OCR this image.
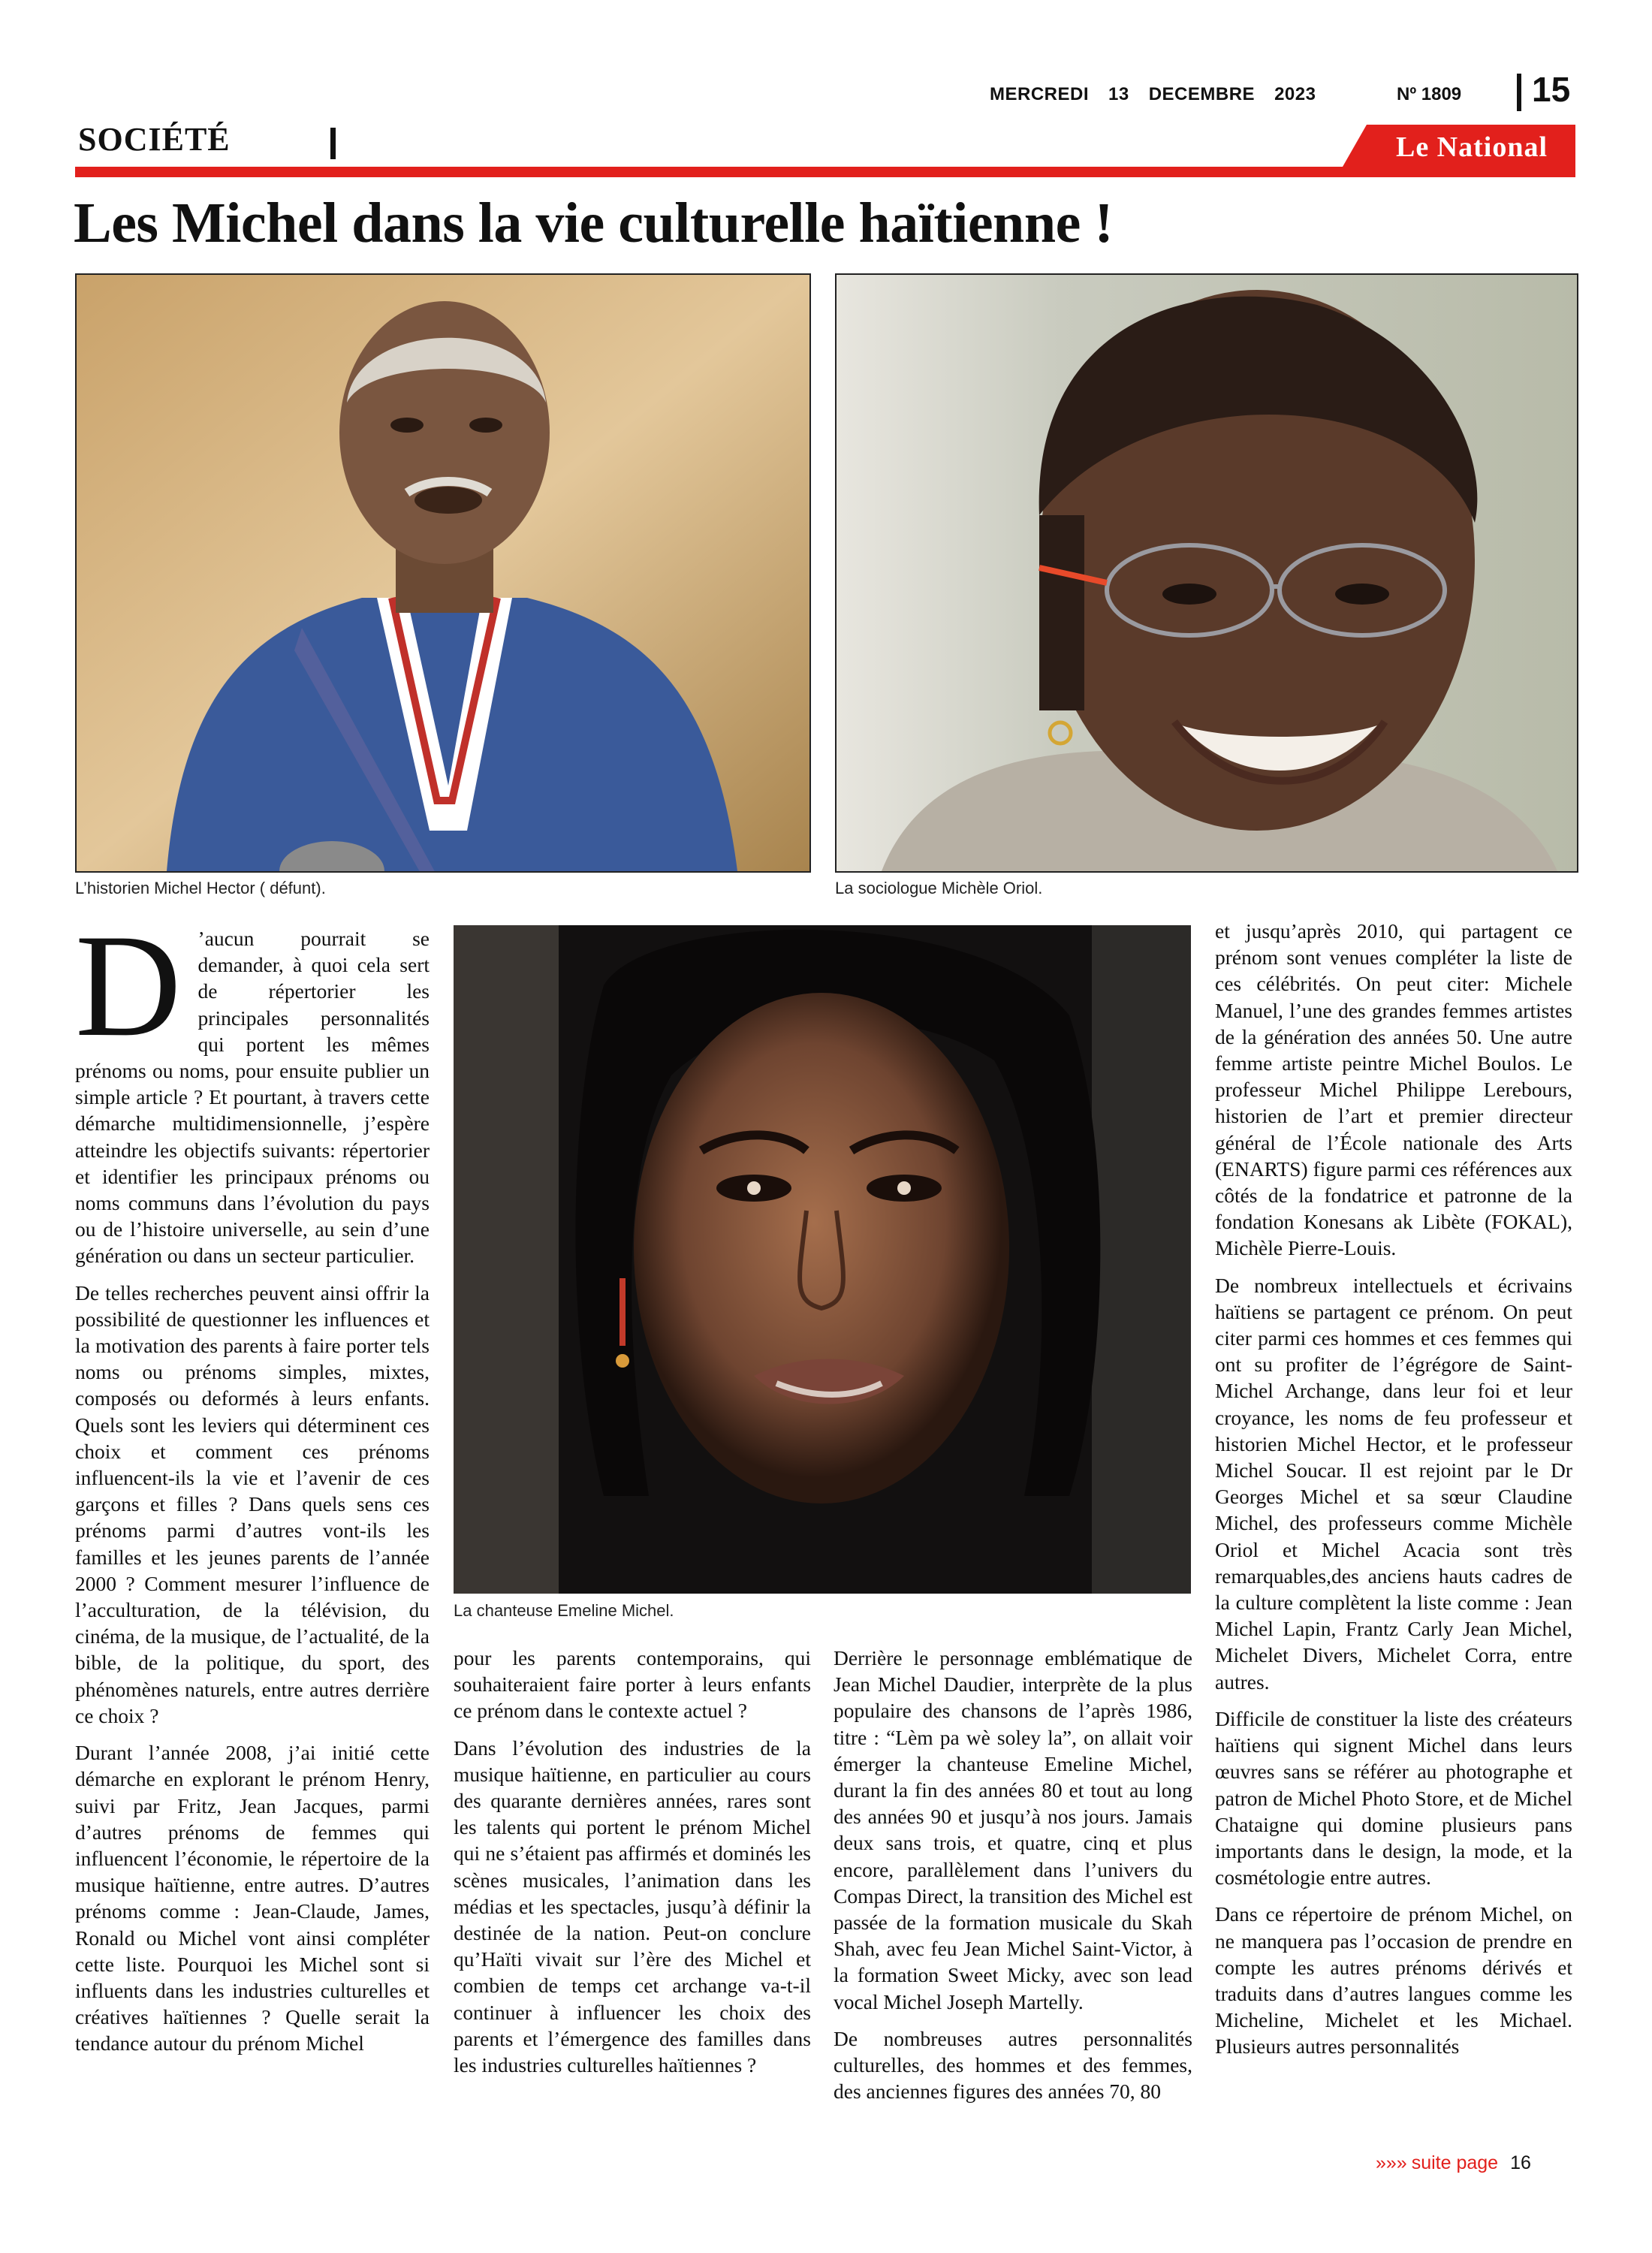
MERCREDI 13 DECEMBRE 2023	Nº 1809 15
SOCIÉTÉ	Le National
Les Michel dans la vie culturelle haïtienne !
L’historien Michel Hector ( défunt).	La sociologue Michèle Oriol.
La chanteuse Emeline Michel.

D ’aucun pourrait se demander, à quoi cela sert de répertorier les principales personnalités qui portent les mêmes prénoms ou noms, pour ensuite publier un simple article ? Et pourtant, à travers cette démarche multidimensionnelle, j’espère atteindre les objectifs suivants: répertorier et identifier les principaux prénoms ou noms communs dans l’évolution du pays ou de l’histoire universelle, au sein d’une génération ou dans un secteur particulier.

De telles recherches peuvent ainsi offrir la possibilité de questionner les influences et la motivation des parents à faire porter tels noms ou prénoms simples, mixtes, composés ou deformés à leurs enfants. Quels sont les leviers qui déterminent ces choix et comment ces prénoms influencent-ils la vie et l’avenir de ces garçons et filles ? Dans quels sens ces prénoms parmi d’autres vont-ils les familles et les jeunes parents de l’année 2000 ? Comment mesurer l’influence de l’acculturation, de la télévision, du cinéma, de la musique, de l’actualité, de la bible, de la politique, du sport, des phénomènes naturels, entre autres derrière ce choix ?

Durant l’année 2008, j’ai initié cette démarche en explorant le prénom Henry, suivi par Fritz, Jean Jacques, parmi d’autres prénoms de femmes qui influencent l’économie, le répertoire de la musique haïtienne, entre autres. D’autres prénoms comme : Jean-Claude, James, Ronald ou Michel vont ainsi compléter cette liste. Pourquoi les Michel sont si influents dans les industries culturelles et créatives haïtiennes ? Quelle serait la tendance autour du prénom Michel

pour les parents contemporains, qui souhaiteraient faire porter à leurs enfants ce prénom dans le contexte actuel ?

Dans l’évolution des industries de la musique haïtienne, en particulier au cours des quarante dernières années, rares sont les talents qui portent le prénom Michel qui ne s’étaient pas affirmés et dominés les scènes musicales, l’animation dans les médias et les spectacles, jusqu’à définir la destinée de la nation. Peut-on conclure qu’Haïti vivait sur l’ère des Michel et combien de temps cet archange va-t-il continuer à influencer les choix des parents et l’émergence des familles dans les industries culturelles haïtiennes ?

Derrière le personnage emblématique de Jean Michel Daudier, interprète de la plus populaire des chansons de l’après 1986, titre : “Lèm pa wè soley la”, on allait voir émerger la chanteuse Emeline Michel, durant la fin des années 80 et tout au long des années 90 et jusqu’à nos jours. Jamais deux sans trois, et quatre, cinq et plus encore, parallèlement dans l’univers du Compas Direct, la transition des Michel est passée de la formation musicale du Skah Shah, avec feu Jean Michel Saint-Victor, à la formation Sweet Micky, avec son lead vocal Michel Joseph Martelly.

De nombreuses autres personnalités culturelles, des hommes et des femmes, des anciennes figures des années 70, 80

et jusqu’après 2010, qui partagent ce prénom sont venues compléter la liste de ces célébrités. On peut citer: Michele Manuel, l’une des grandes femmes artistes de la génération des années 50. Une autre femme artiste peintre Michel Boulos. Le professeur Michel Philippe Lerebours, historien de l’art et premier directeur général de l’École nationale des Arts (ENARTS) figure parmi ces références aux côtés de la fondatrice et patronne de la fondation Konesans ak Libète (FOKAL), Michèle Pierre-Louis.

De nombreux intellectuels et écrivains haïtiens se partagent ce prénom. On peut citer parmi ces hommes et ces femmes qui ont su profiter de l’égrégore de Saint-Michel Archange, dans leur foi et leur croyance, les noms de feu professeur et historien Michel Hector, et le professeur Michel Soucar. Il est rejoint par le Dr Georges Michel et sa sœur Claudine Michel, des professeurs comme Michèle Oriol et Michel Acacia sont très remarquables,des anciens hauts cadres de la culture complètent la liste comme : Jean Michel Lapin, Frantz Carly Jean Michel, Michelet Divers, Michelet Corra, entre autres.

Difficile de constituer la liste des créateurs haïtiens qui signent Michel dans leurs œuvres sans se référer au photographe et patron de Michel Photo Store, et de Michel Chataigne qui domine plusieurs pans importants dans le design, la mode, et la cosmétologie entre autres.

Dans ce répertoire de prénom Michel, on ne manquera pas l’occasion de prendre en compte les autres prénoms dérivés et traduits dans d’autres langues comme les Micheline, Michelet et les Michael. Plusieurs autres personnalités

»»» suite page 16
